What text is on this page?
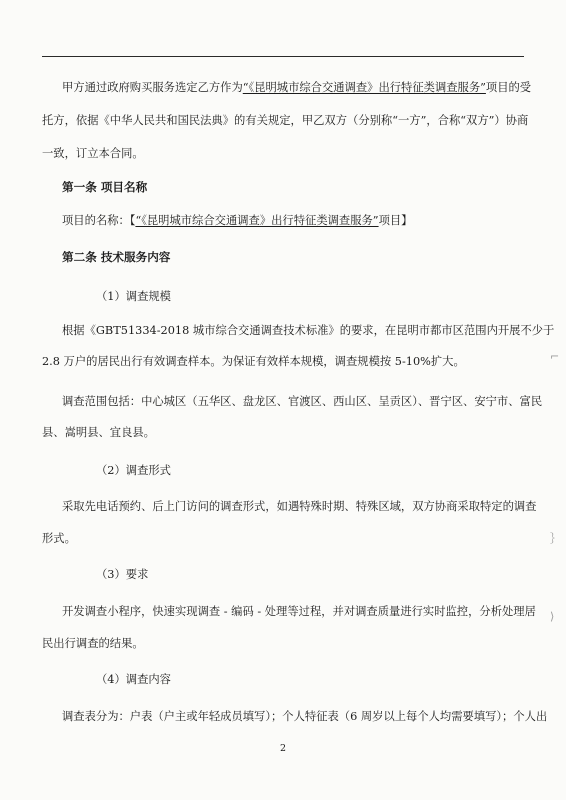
甲方通过政府购买服务选定乙方作为“《昆明城市综合交通调查》出行特征类调查服务”项目的受
托方，依据《中华人民共和国民法典》的有关规定，甲乙双方（分别称“一方”，合称“双方”）协商
一致，订立本合同。
第一条 项目名称
项目的名称：【“《昆明城市综合交通调查》出行特征类调查服务”项目】
第二条 技术服务内容
（1）调查规模
根据《GBT51334-2018 城市综合交通调查技术标准》的要求，在昆明市都市区范围内开展不少于
2.8 万户的居民出行有效调查样本。为保证有效样本规模，调查规模按 5-10%扩大。
调查范围包括：中心城区（五华区、盘龙区、官渡区、西山区、呈贡区）、晋宁区、安宁市、富民
县、嵩明县、宜良县。
（2）调查形式
采取先电话预约、后上门访问的调查形式，如遇特殊时期、特殊区域，双方协商采取特定的调查
形式。
（3）要求
开发调查小程序，快速实现调查 - 编码 - 处理等过程，并对调查质量进行实时监控，分析处理居
民出行调查的结果。
（4）调查内容
调查表分为：户表（户主或年轻成员填写）；个人特征表（6 周岁以上每个人均需要填写）；个人出
2
⌐
｝
⟩
